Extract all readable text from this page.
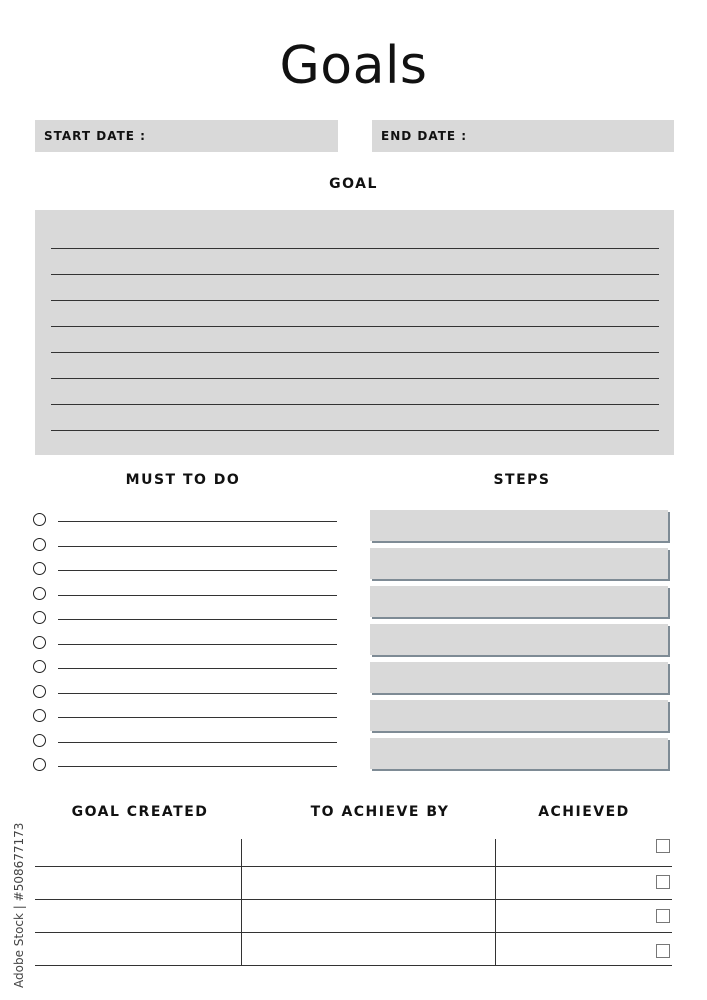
Goals
START DATE :	END DATE :
GOAL
MUST TO DO	STEPS
GOAL CREATED	TO ACHIEVE BY	ACHIEVED
Adobe Stock | #508677173
